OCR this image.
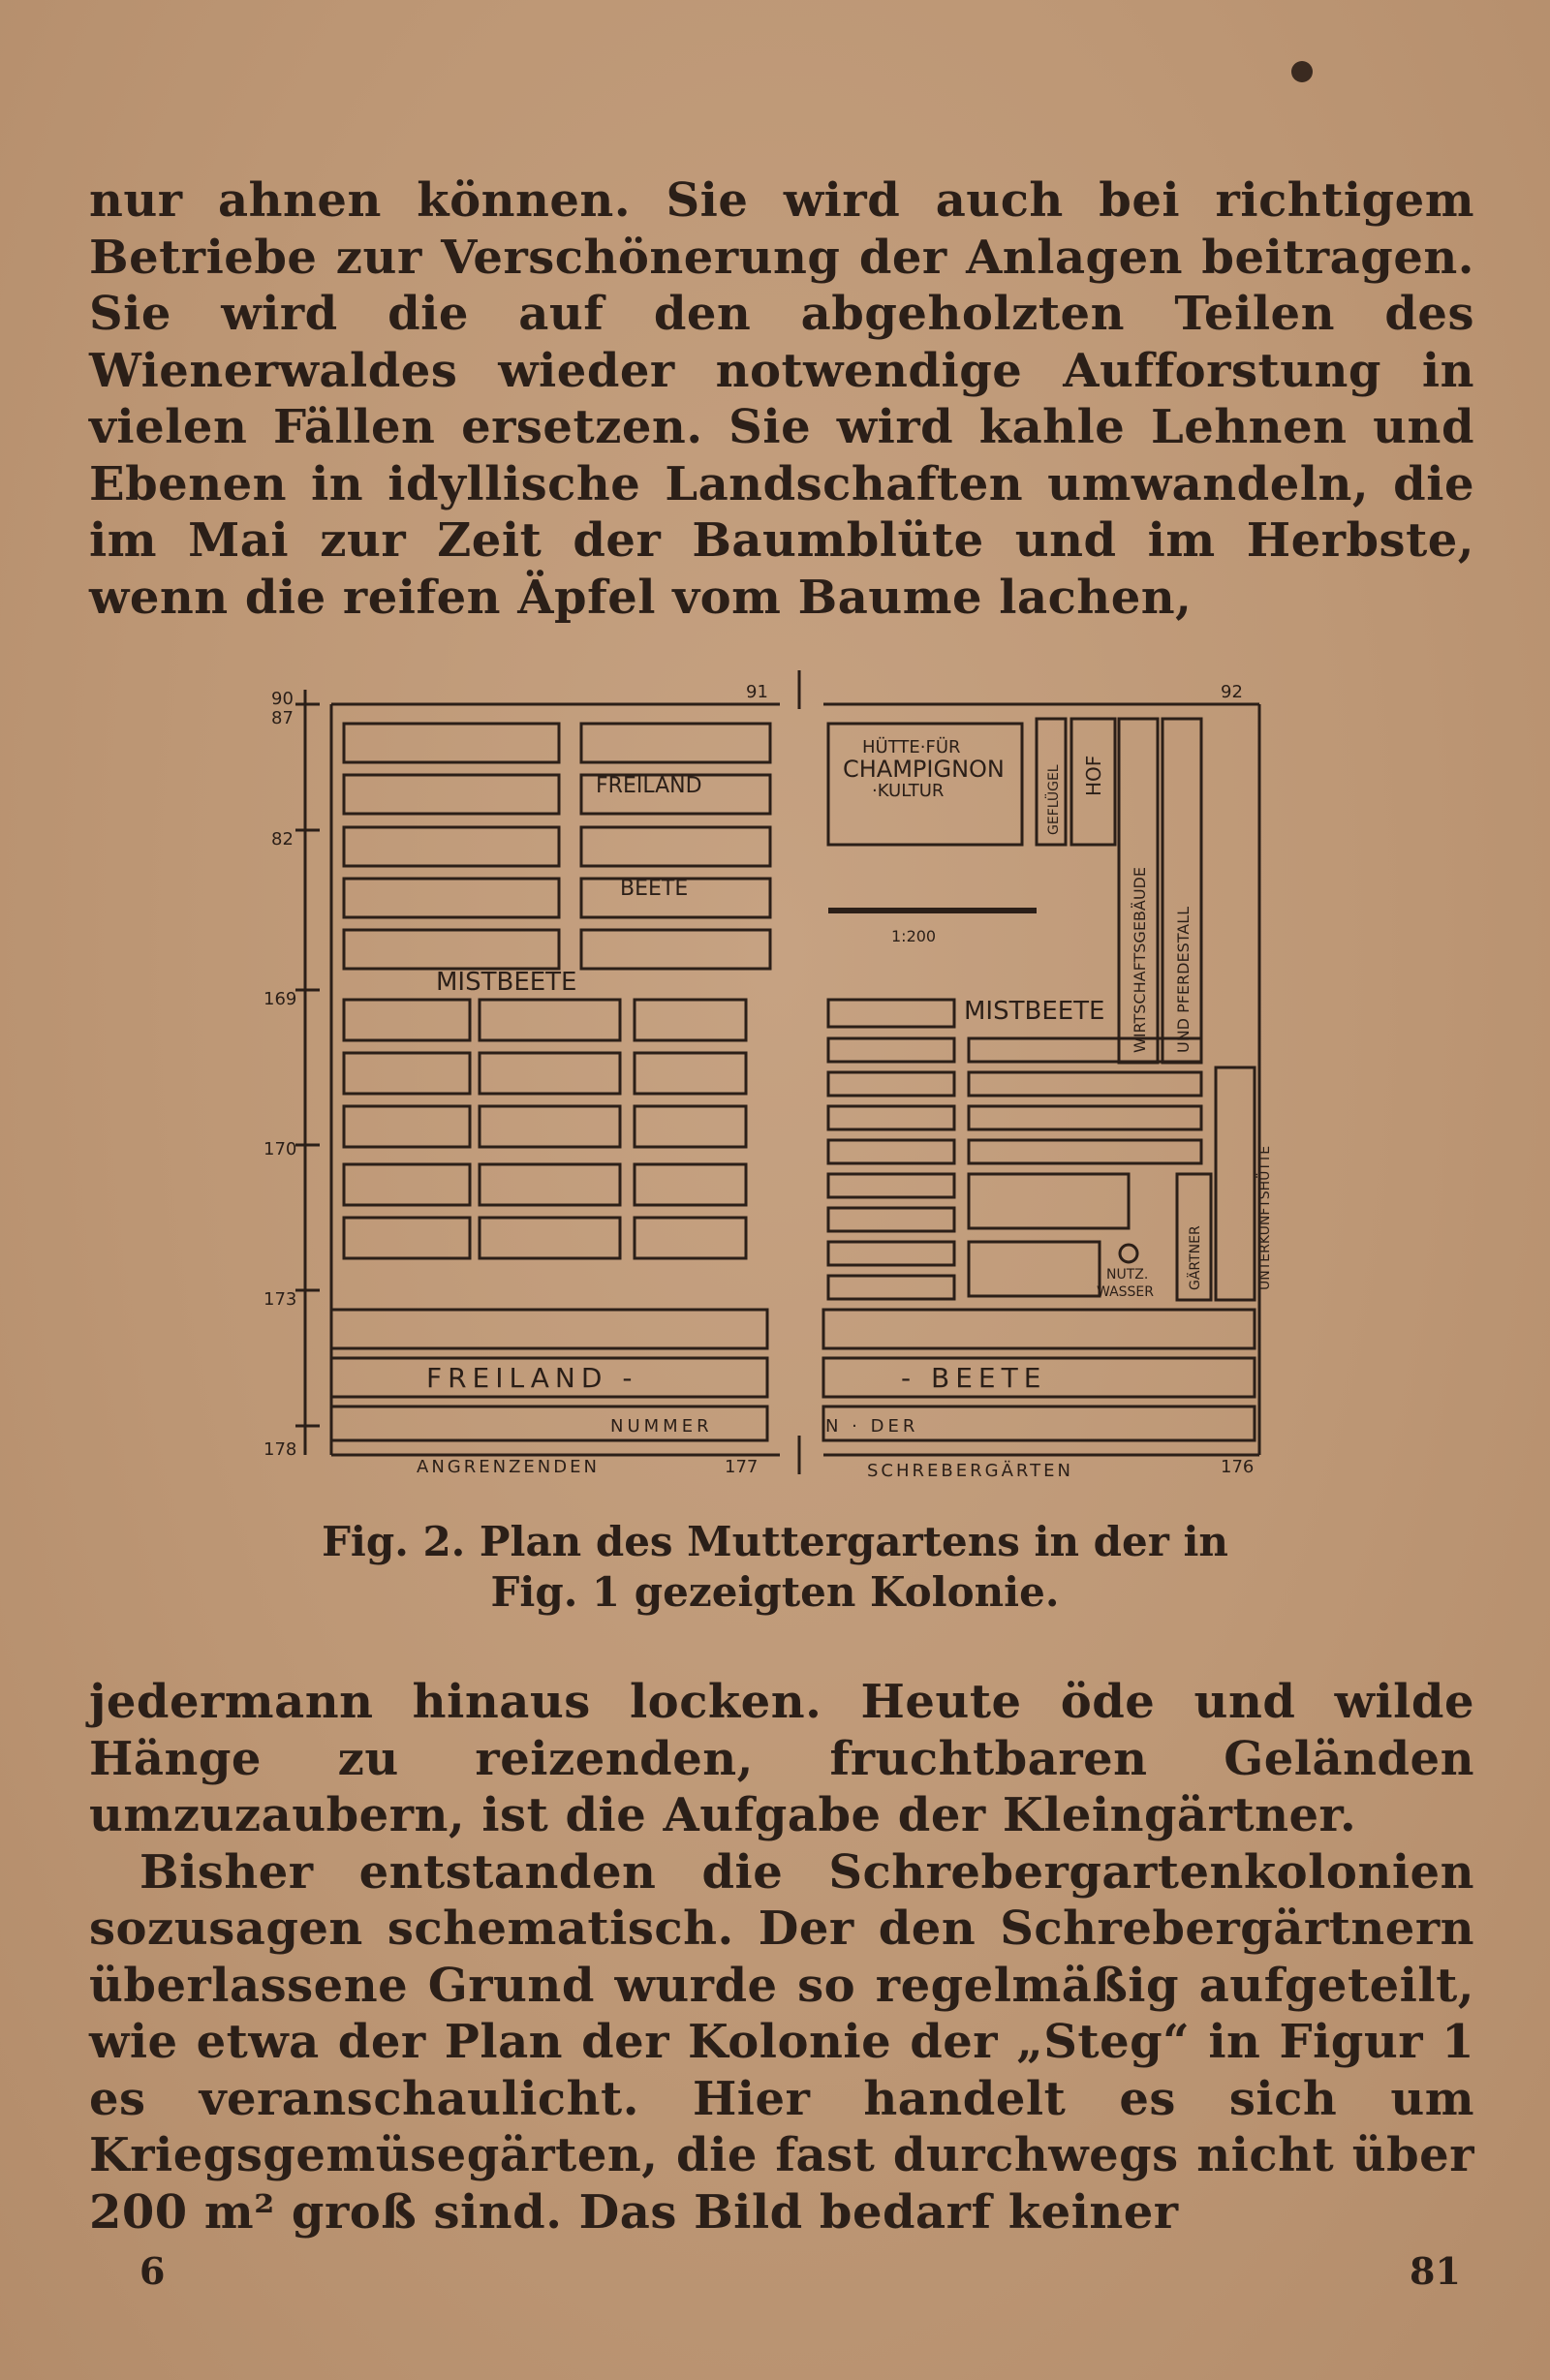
nur ahnen können. Sie wird auch bei richtigem Betriebe zur Verschönerung der Anlagen beitragen. Sie wird die auf den abgeholzten Teilen des Wienerwaldes wieder notwendige Aufforstung in vielen Fällen ersetzen. Sie wird kahle Lehnen und Ebenen in idyllische Landschaften umwandeln, die im Mai zur Zeit der Baumblüte und im Herbste, wenn die reifen Äpfel vom Baume lachen,

90
87
82
169
170
173
178
91	92
177	176
FREILAND
BEETE
MISTBEETE
MISTBEETE
HÜTTE·FÜR
CHAMPIGNON
·KULTUR	GEFLÜGEL HOF
WIRTSCHAFTSGEBÄUDE UND PFERDESTALL
1:200
UNTERKUNFTSHÜTTE
GÄRTNER
NUTZ.
WASSER
FREILAND -	- BEETE
NUMMER	N · DER
ANGRENZENDEN	SCHREBERGÄRTEN
Fig. 2. Plan des Muttergartens in der in
Fig. 1 gezeigten Kolonie.

jedermann hinaus locken. Heute öde und wilde Hänge zu reizenden, fruchtbaren Geländen umzuzaubern, ist die Aufgabe der Kleingärtner.

Bisher entstanden die Schrebergartenkolonien sozusagen schematisch. Der den Schrebergärtnern überlassene Grund wurde so regelmäßig aufgeteilt, wie etwa der Plan der Kolonie der „Steg“ in Figur 1 es veranschaulicht. Hier handelt es sich um Kriegsgemüsegärten, die fast durchwegs nicht über 200 m² groß sind. Das Bild bedarf keiner

6	81
